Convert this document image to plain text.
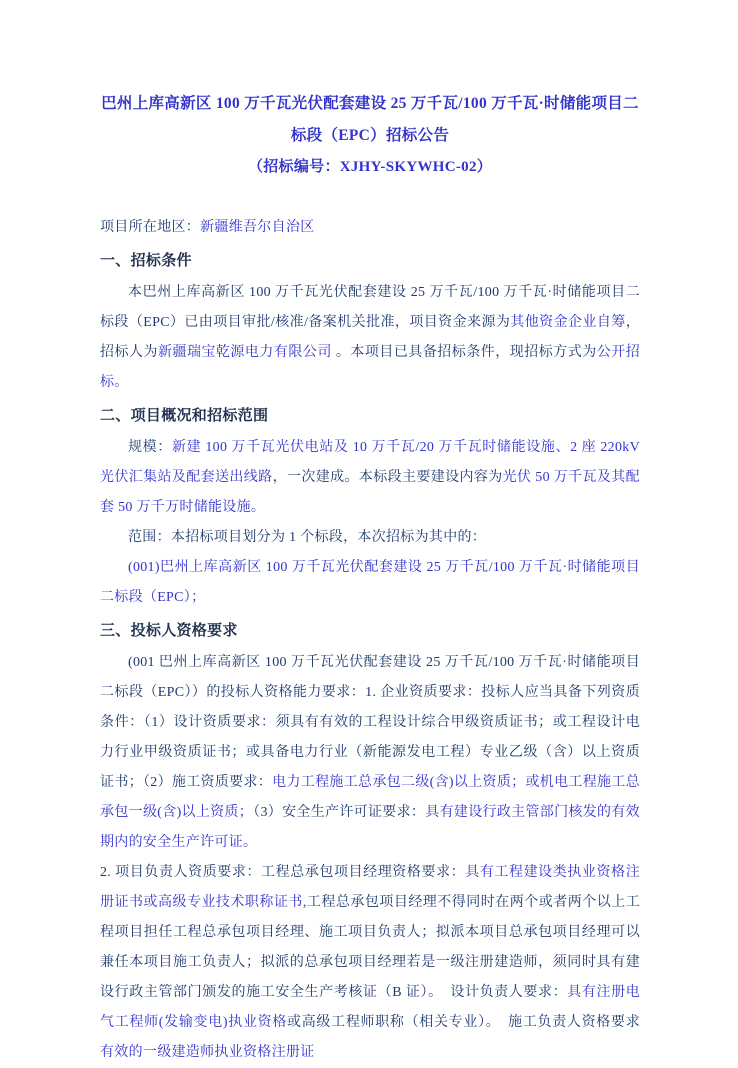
巴州上库高新区 100 万千瓦光伏配套建设 25 万千瓦/100 万千瓦·时储能项目二
标段（EPC）招标公告
（招标编号：XJHY-SKYWHC-02）

项目所在地区：新疆维吾尔自治区

一、招标条件

本巴州上库高新区 100 万千瓦光伏配套建设 25 万千瓦/100 万千瓦·时储能项目二标段（EPC）已由项目审批/核准/备案机关批准，项目资金来源为其他资金企业自筹，招标人为新疆瑞宝乾源电力有限公司 。本项目已具备招标条件，现招标方式为公开招标。

二、项目概况和招标范围

规模：新建 100 万千瓦光伏电站及 10 万千瓦/20 万千瓦时储能设施、2 座 220kV 光伏汇集站及配套送出线路，一次建成。本标段主要建设内容为光伏 50 万千瓦及其配套 50 万千万时储能设施。

范围：本招标项目划分为 1 个标段，本次招标为其中的：

(001)巴州上库高新区 100 万千瓦光伏配套建设 25 万千瓦/100 万千瓦·时储能项目二标段（EPC）；

三、投标人资格要求

(001 巴州上库高新区 100 万千瓦光伏配套建设 25 万千瓦/100 万千瓦·时储能项目二标段（EPC））的投标人资格能力要求：1. 企业资质要求：投标人应当具备下列资质条件：（1）设计资质要求：须具有有效的工程设计综合甲级资质证书；或工程设计电力行业甲级资质证书；或具备电力行业（新能源发电工程）专业乙级（含）以上资质证书；（2）施工资质要求：电力工程施工总承包二级(含)以上资质；或机电工程施工总承包一级(含)以上资质；（3）安全生产许可证要求：具有建设行政主管部门核发的有效期内的安全生产许可证。

2. 项目负责人资质要求：工程总承包项目经理资格要求：具有工程建设类执业资格注册证书或高级专业技术职称证书,工程总承包项目经理不得同时在两个或者两个以上工程项目担任工程总承包项目经理、施工项目负责人；拟派本项目总承包项目经理可以兼任本项目施工负责人；拟派的总承包项目经理若是一级注册建造师，须同时具有建设行政主管部门颁发的施工安全生产考核证（B 证）。　设计负责人要求：具有注册电气工程师(发输变电)执业资格或高级工程师职称（相关专业）。　施工负责人资格要求 有效的一级建造师执业资格注册证
